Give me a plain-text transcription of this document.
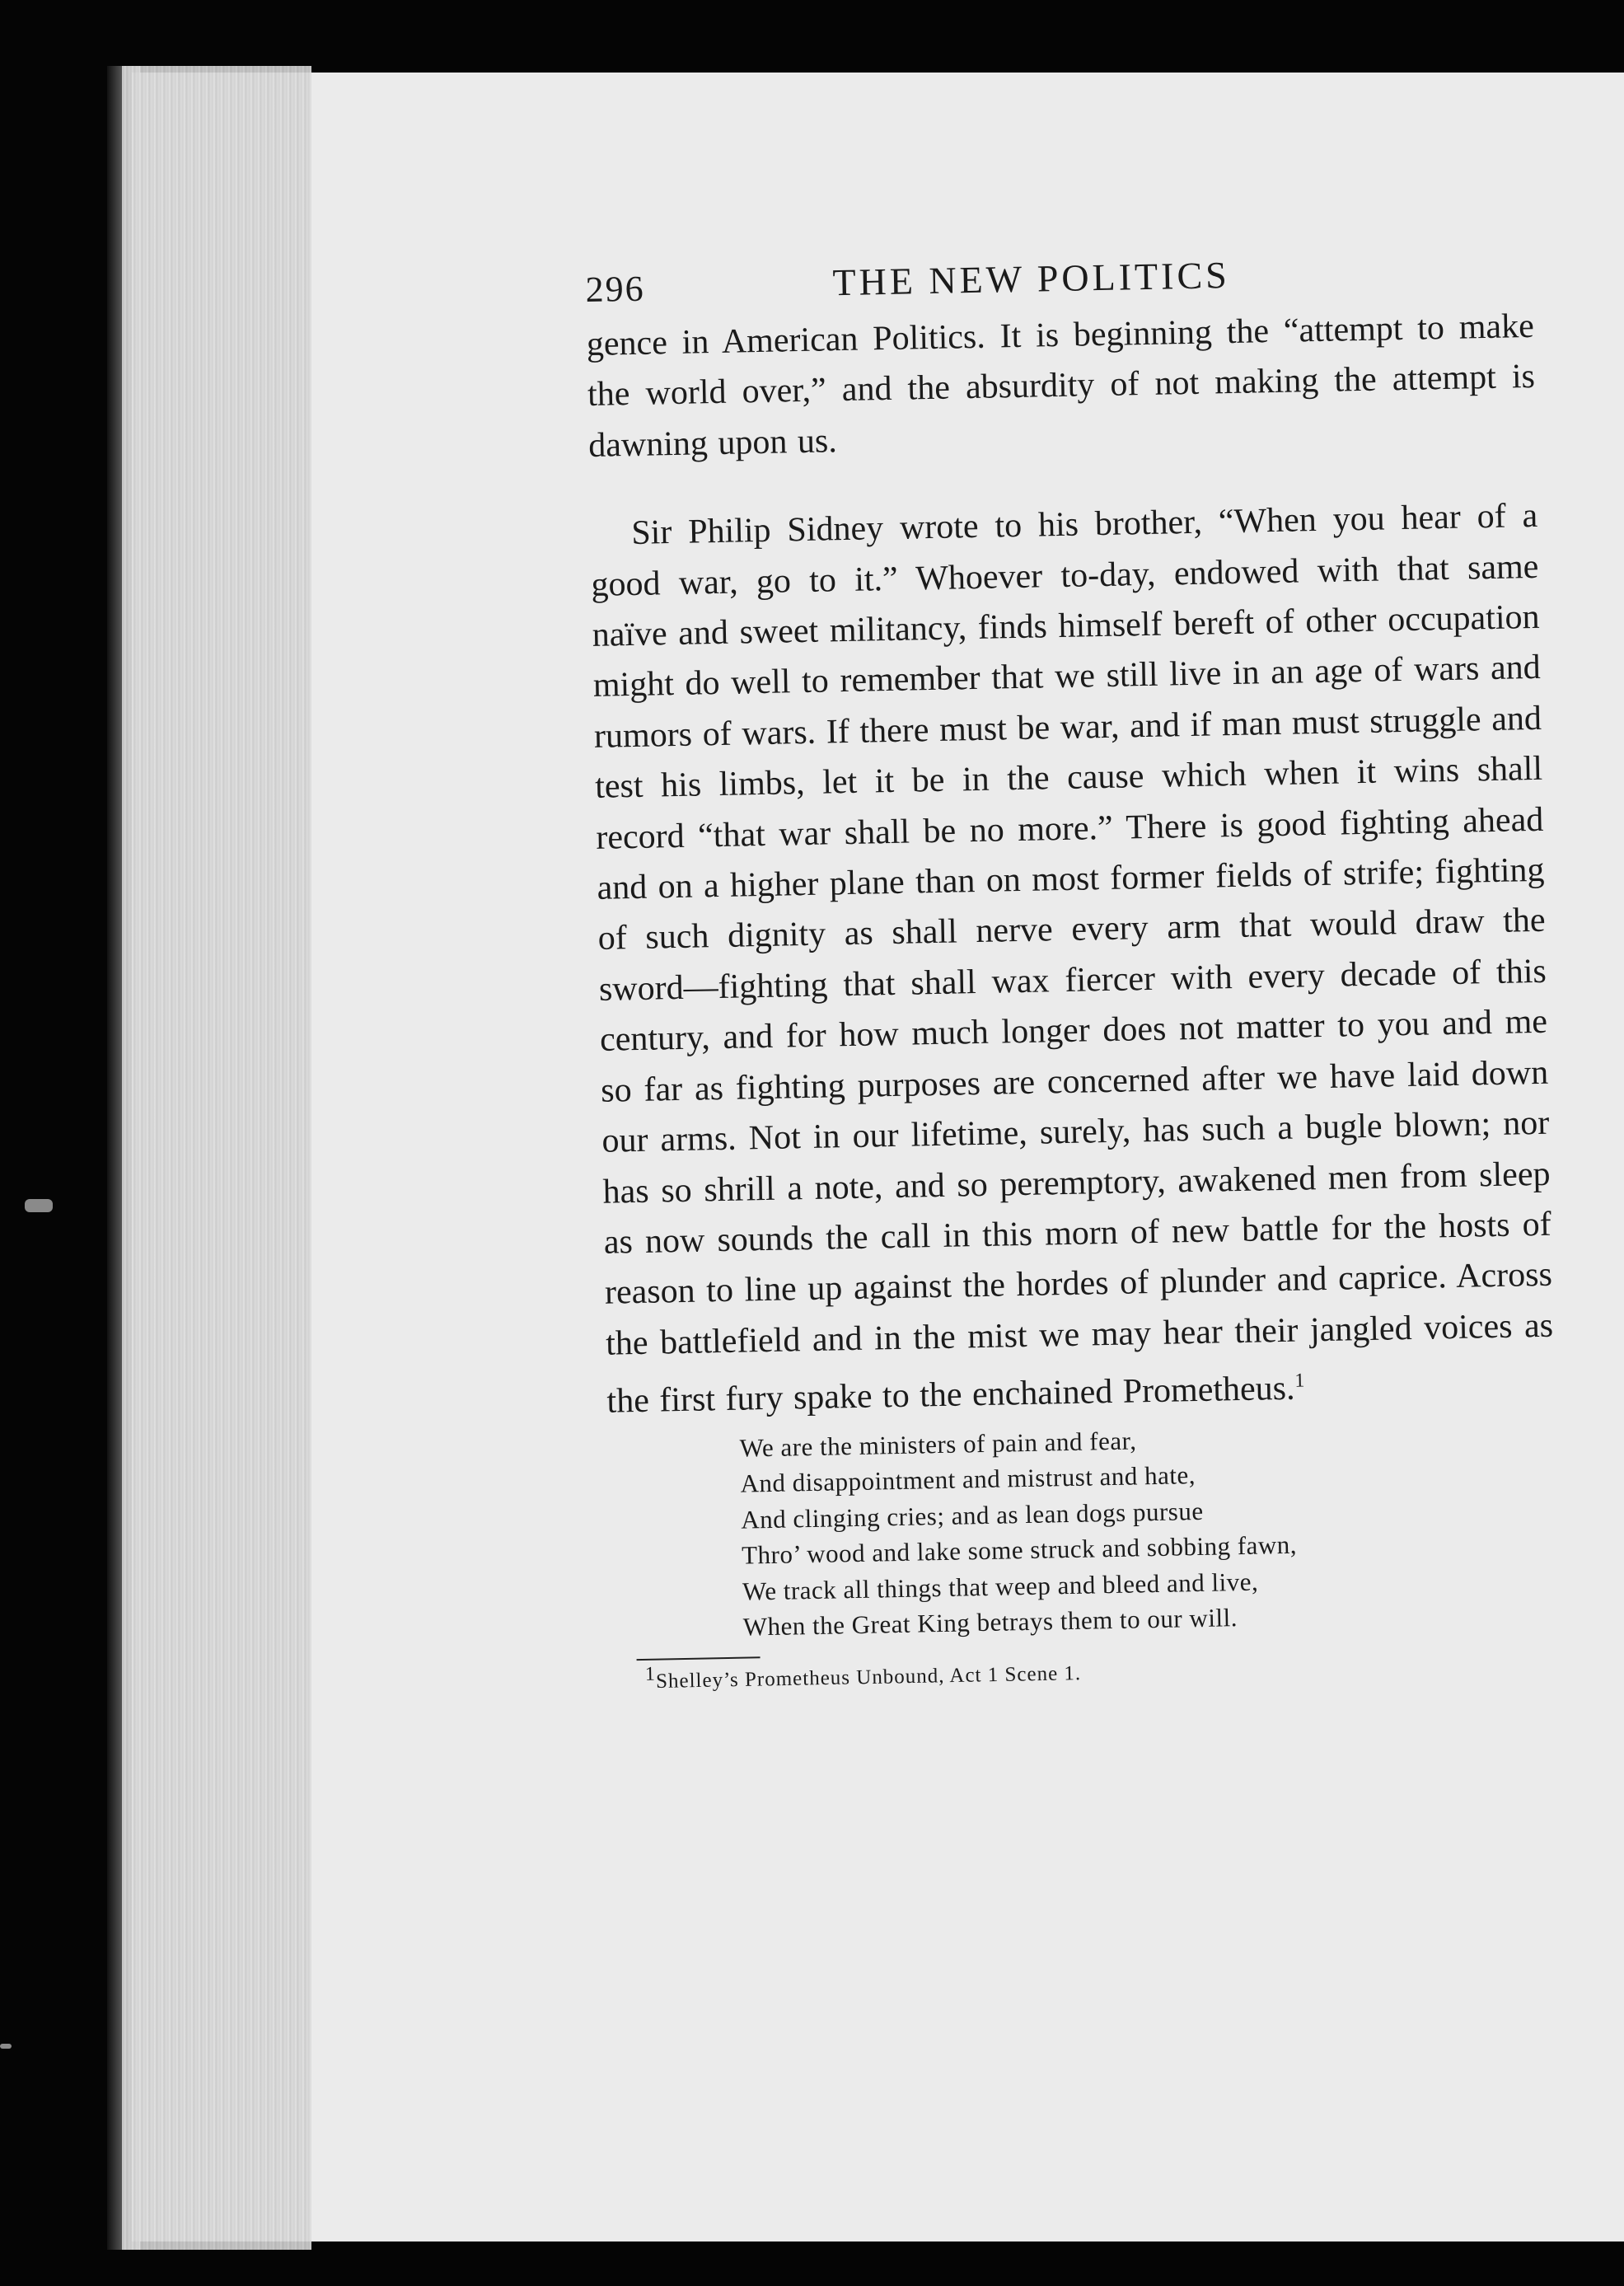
296	THE NEW POLITICS

gence in American Politics. It is beginning the “attempt to make the world over,” and the absurdity of not making the attempt is dawning upon us.

Sir Philip Sidney wrote to his brother, “When you hear of a good war, go to it.” Whoever to-day, endowed with that same naïve and sweet militancy, finds himself bereft of other occupation might do well to remember that we still live in an age of wars and rumors of wars. If there must be war, and if man must struggle and test his limbs, let it be in the cause which when it wins shall record “that war shall be no more.” There is good fighting ahead and on a higher plane than on most former fields of strife; fighting of such dignity as shall nerve every arm that would draw the sword—fighting that shall wax fiercer with every decade of this century, and for how much longer does not matter to you and me so far as fighting purposes are concerned after we have laid down our arms. Not in our lifetime, surely, has such a bugle blown; nor has so shrill a note, and so peremptory, awakened men from sleep as now sounds the call in this morn of new battle for the hosts of reason to line up against the hordes of plunder and caprice. Across the battlefield and in the mist we may hear their jangled voices as the first fury spake to the enchained Prometheus.$^1$

We are the ministers of pain and fear,
And disappointment and mistrust and hate,
And clinging cries; and as lean dogs pursue
Thro’ wood and lake some struck and sobbing fawn,
We track all things that weep and bleed and live,
When the Great King betrays them to our will.
$^1$Shelley’s Prometheus Unbound, Act 1 Scene 1.
